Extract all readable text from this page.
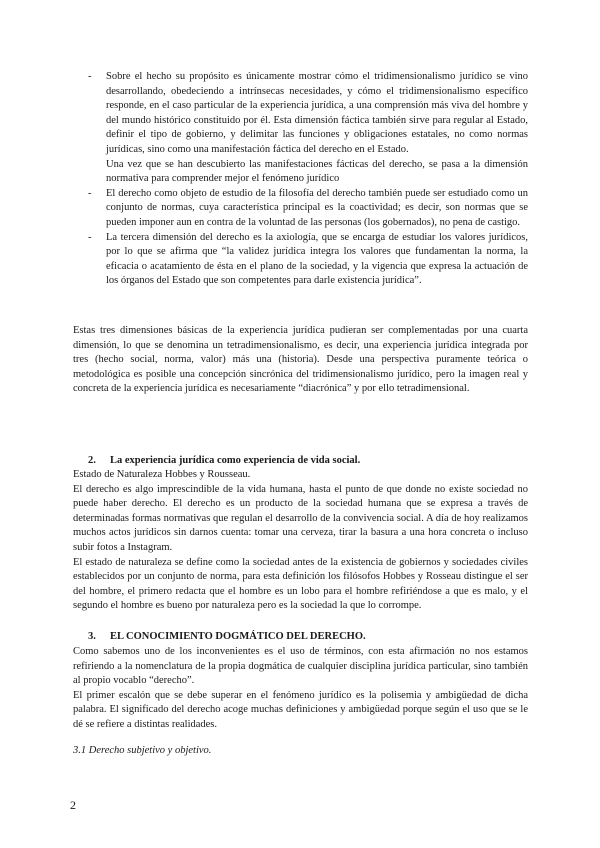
-	Sobre el hecho su propósito es únicamente mostrar cómo el tridimensionalismo jurídico se vino desarrollando, obedeciendo a intrínsecas necesidades, y cómo el tridimensionalismo específico responde, en el caso particular de la experiencia jurídica, a una comprensión más viva del hombre y del mundo histórico constituido por él. Esta dimensión fáctica también sirve para regular al Estado, definir el tipo de gobierno, y delimitar las funciones y obligaciones estatales, no como normas jurídicas, sino como una manifestación fáctica del derecho en el Estado.
Una vez que se han descubierto las manifestaciones fácticas del derecho, se pasa a la dimensión normativa para comprender mejor el fenómeno jurídico
-	El derecho como objeto de estudio de la filosofía del derecho también puede ser estudiado como un conjunto de normas, cuya característica principal es la coactividad; es decir, son normas que se pueden imponer aun en contra de la voluntad de las personas (los gobernados), no pena de castigo.
-	La tercera dimensión del derecho es la axiología, que se encarga de estudiar los valores jurídicos, por lo que se afirma que “la validez jurídica integra los valores que fundamentan la norma, la eficacia o acatamiento de ésta en el plano de la sociedad, y la vigencia que expresa la actuación de los órganos del Estado que son competentes para darle existencia jurídica”.

Estas tres dimensiones básicas de la experiencia jurídica pudieran ser complementadas por una cuarta dimensión, lo que se denomina un tetradimensionalismo, es decir, una experiencia jurídica integrada por tres (hecho social, norma, valor) más una (historia). Desde una perspectiva puramente teórica o metodológica es posible una concepción sincrónica del tridimensionalismo jurídico, pero la imagen real y concreta de la experiencia jurídica es necesariamente “diacrónica” y por ello tetradimensional.

2. La experiencia jurídica como experiencia de vida social.

Estado de Naturaleza Hobbes y Rousseau.

El derecho es algo imprescindible de la vida humana, hasta el punto de que donde no existe sociedad no puede haber derecho. El derecho es un producto de la sociedad humana que se expresa a través de determinadas formas normativas que regulan el desarrollo de la convivencia social. A día de hoy realizamos muchos actos jurídicos sin darnos cuenta: tomar una cerveza, tirar la basura a una hora concreta o incluso subir fotos a Instagram.

El estado de naturaleza se define como la sociedad antes de la existencia de gobiernos y sociedades civiles establecidos por un conjunto de norma, para esta definición los filósofos Hobbes y Rosseau distingue el ser del hombre, el primero redacta que el hombre es un lobo para el hombre refiriéndose a que es malo, y el segundo el hombre es bueno por naturaleza pero es la sociedad la que lo corrompe.

3. EL CONOCIMIENTO DOGMÁTICO DEL DERECHO.

Como sabemos uno de los inconvenientes es el uso de términos, con esta afirmación no nos estamos refiriendo a la nomenclatura de la propia dogmática de cualquier disciplina jurídica particular, sino también al propio vocablo “derecho”.

El primer escalón que se debe superar en el fenómeno jurídico es la polisemia y ambigüedad de dicha palabra. El significado del derecho acoge muchas definiciones y ambigüedad porque según el uso que se le dé se refiere a distintas realidades.

3.1 Derecho subjetivo y objetivo.
2
